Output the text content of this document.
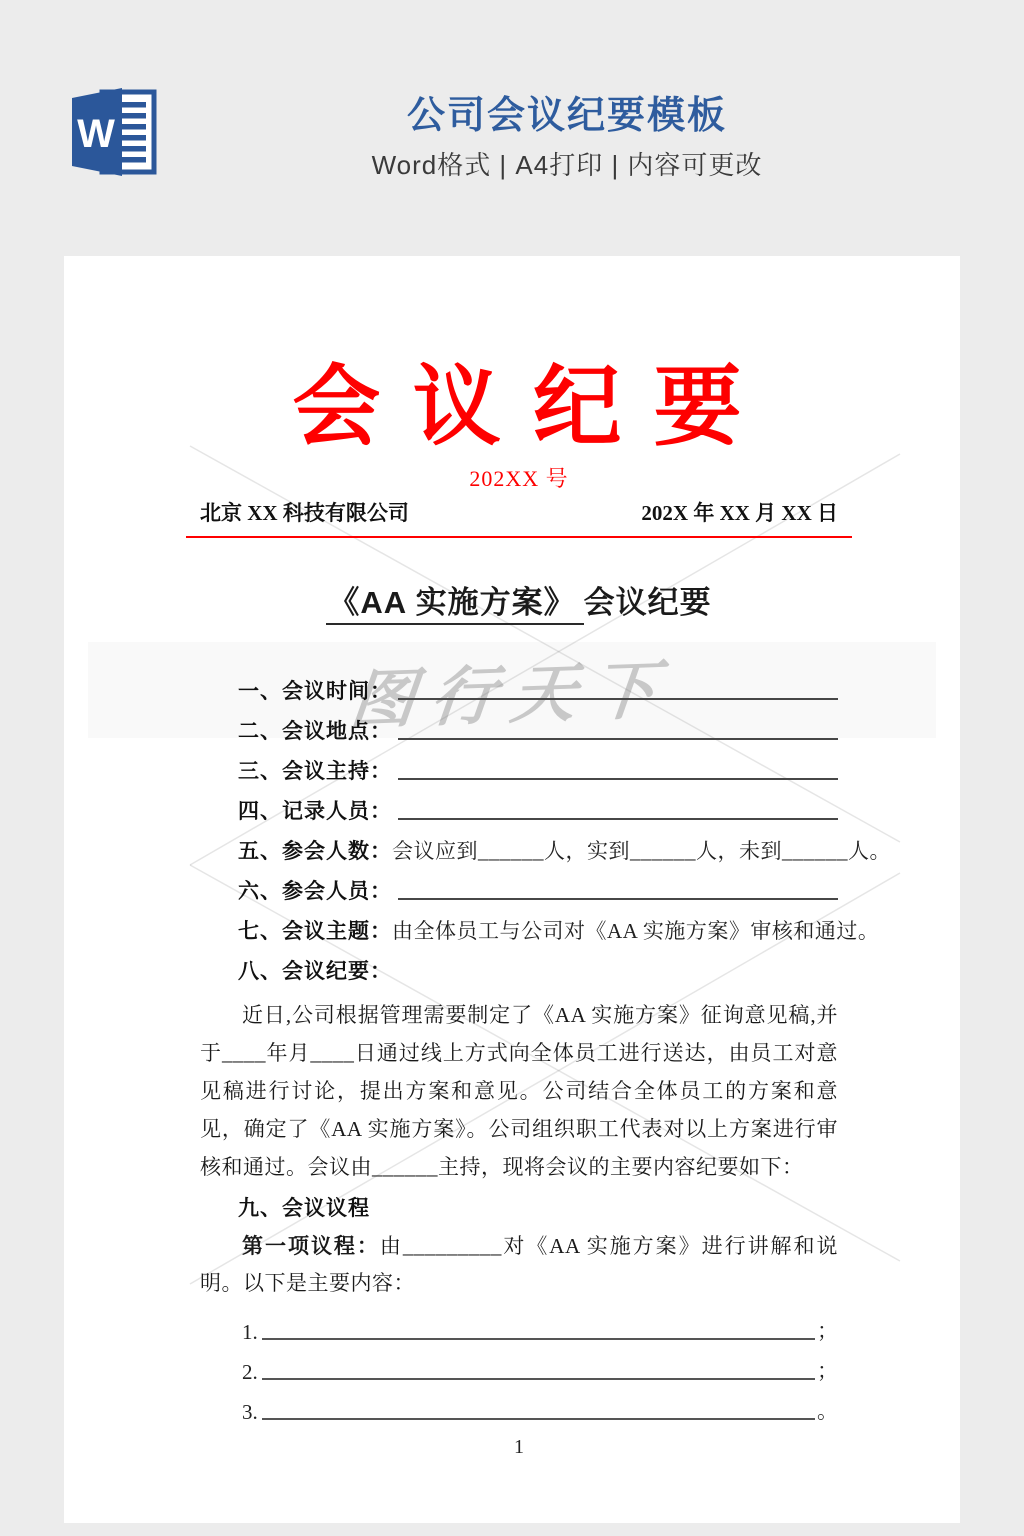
W	公司会议纪要模板
Word格式 | A4打印 | 内容可更改
图行天下
会 议 纪 要
202XX 号
北京 XX 科技有限公司	202X 年 XX 月 XX 日
《AA 实施方案》 会议纪要
一、会议时间：
二、会议地点：
三、会议主持：
四、记录人员：
五、参会人数： 会议应到______人，实到______人，未到______人。
六、参会人员：
七、会议主题： 由全体员工与公司对《AA 实施方案》审核和通过。
八、会议纪要：

近日,公司根据管理需要制定了《AA 实施方案》征询意见稿,并于____年月____日通过线上方式向全体员工进行送达，由员工对意见稿进行讨论，提出方案和意见。公司结合全体员工的方案和意见，确定了《AA 实施方案》。公司组织职工代表对以上方案进行审核和通过。会议由______主持，现将会议的主要内容纪要如下：

九、会议议程

第一项议程：由_________对《AA 实施方案》进行讲解和说明。以下是主要内容：

1.	；
2.	；
3.	。
1
